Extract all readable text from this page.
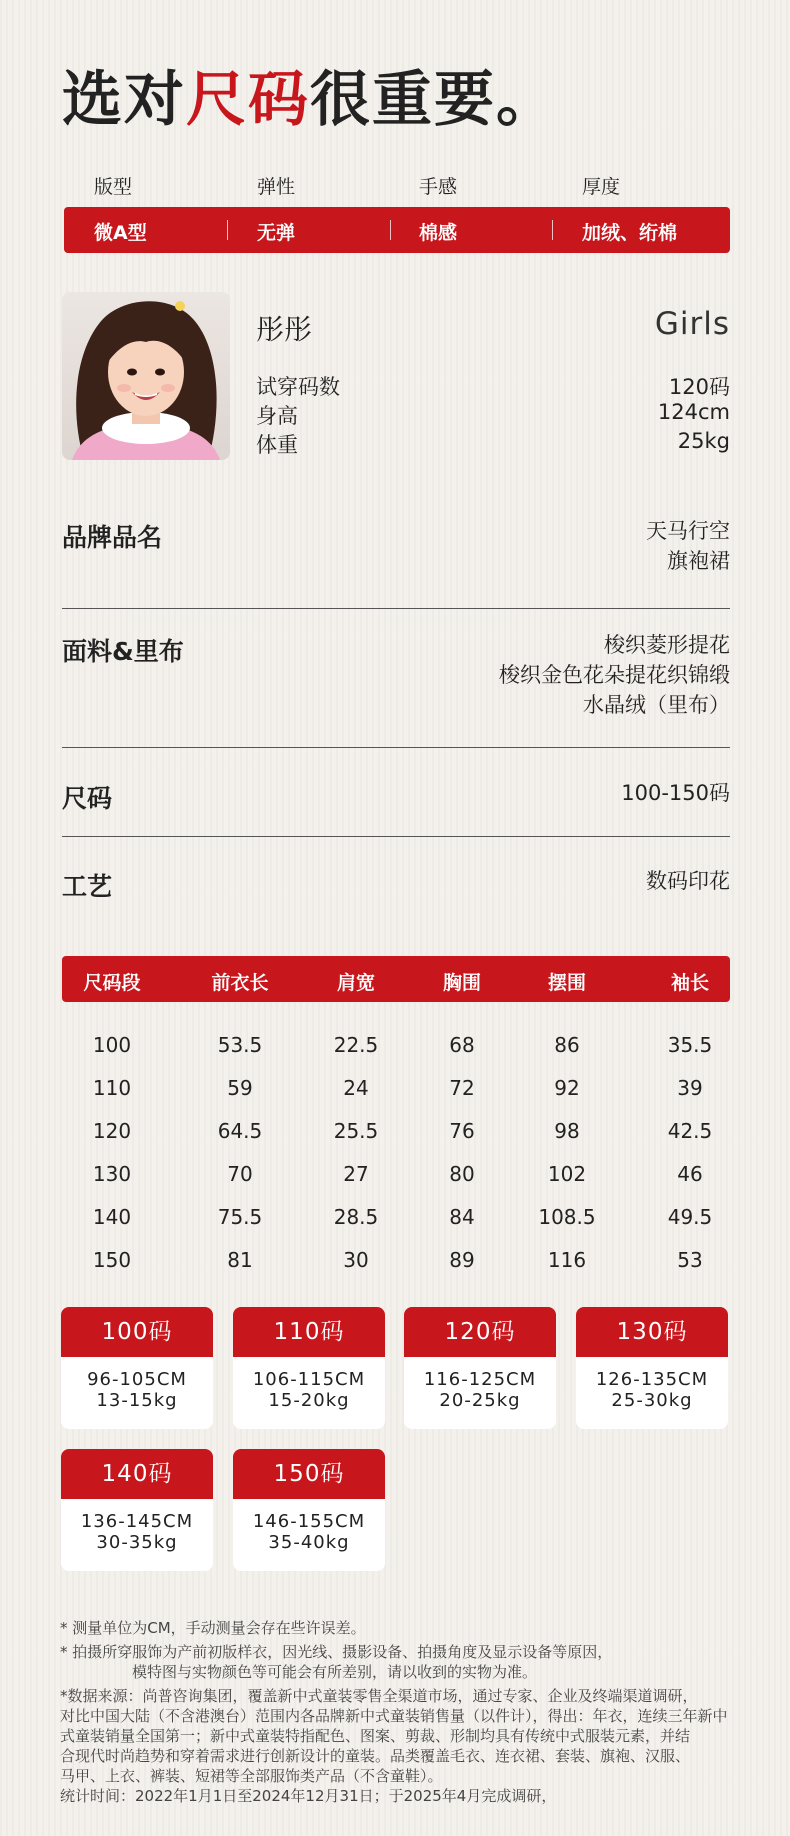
选对尺码很重要。
版型	弹性	手感	厚度
微A型	无弹	棉感	加绒、绗棉
彤彤	Girls
试穿码数	120码
身高	124cm
体重	25kg
品牌品名	天马行空
旗袍裙
面料&里布	梭织菱形提花
梭织金色花朵提花织锦缎
水晶绒（里布）
尺码	100-150码
工艺	数码印花
尺码段	前衣长	肩宽	胸围	摆围	袖长
100	53.5	22.5	68	86	35.5
110	59	24	72	92	39
120	64.5	25.5	76	98	42.5
130	70	27	80	102	46
140	75.5	28.5	84	108.5	49.5
150	81	30	89	116	53
100码
96-105CM
13-15kg
110码
106-115CM
15-20kg
120码
116-125CM
20-25kg
130码
126-135CM
25-30kg
140码
136-145CM
30-35kg
150码
146-155CM
35-40kg

* 测量单位为CM，手动测量会存在些许误差。

* 拍摄所穿服饰为产前初版样衣，因光线、摄影设备、拍摄角度及显示设备等原因，

模特图与实物颜色等可能会有所差别，请以收到的实物为准。

*数据来源：尚普咨询集团，覆盖新中式童装零售全渠道市场，通过专家、企业及终端渠道调研，

对比中国大陆（不含港澳台）范围内各品牌新中式童装销售量（以件计），得出：年衣，连续三年新中

式童装销量全国第一；新中式童装特指配色、图案、剪裁、形制均具有传统中式服装元素，并结

合现代时尚趋势和穿着需求进行创新设计的童装。品类覆盖毛衣、连衣裙、套装、旗袍、汉服、

马甲、上衣、裤装、短裙等全部服饰类产品（不含童鞋）。

统计时间：2022年1月1日至2024年12月31日；于2025年4月完成调研，
